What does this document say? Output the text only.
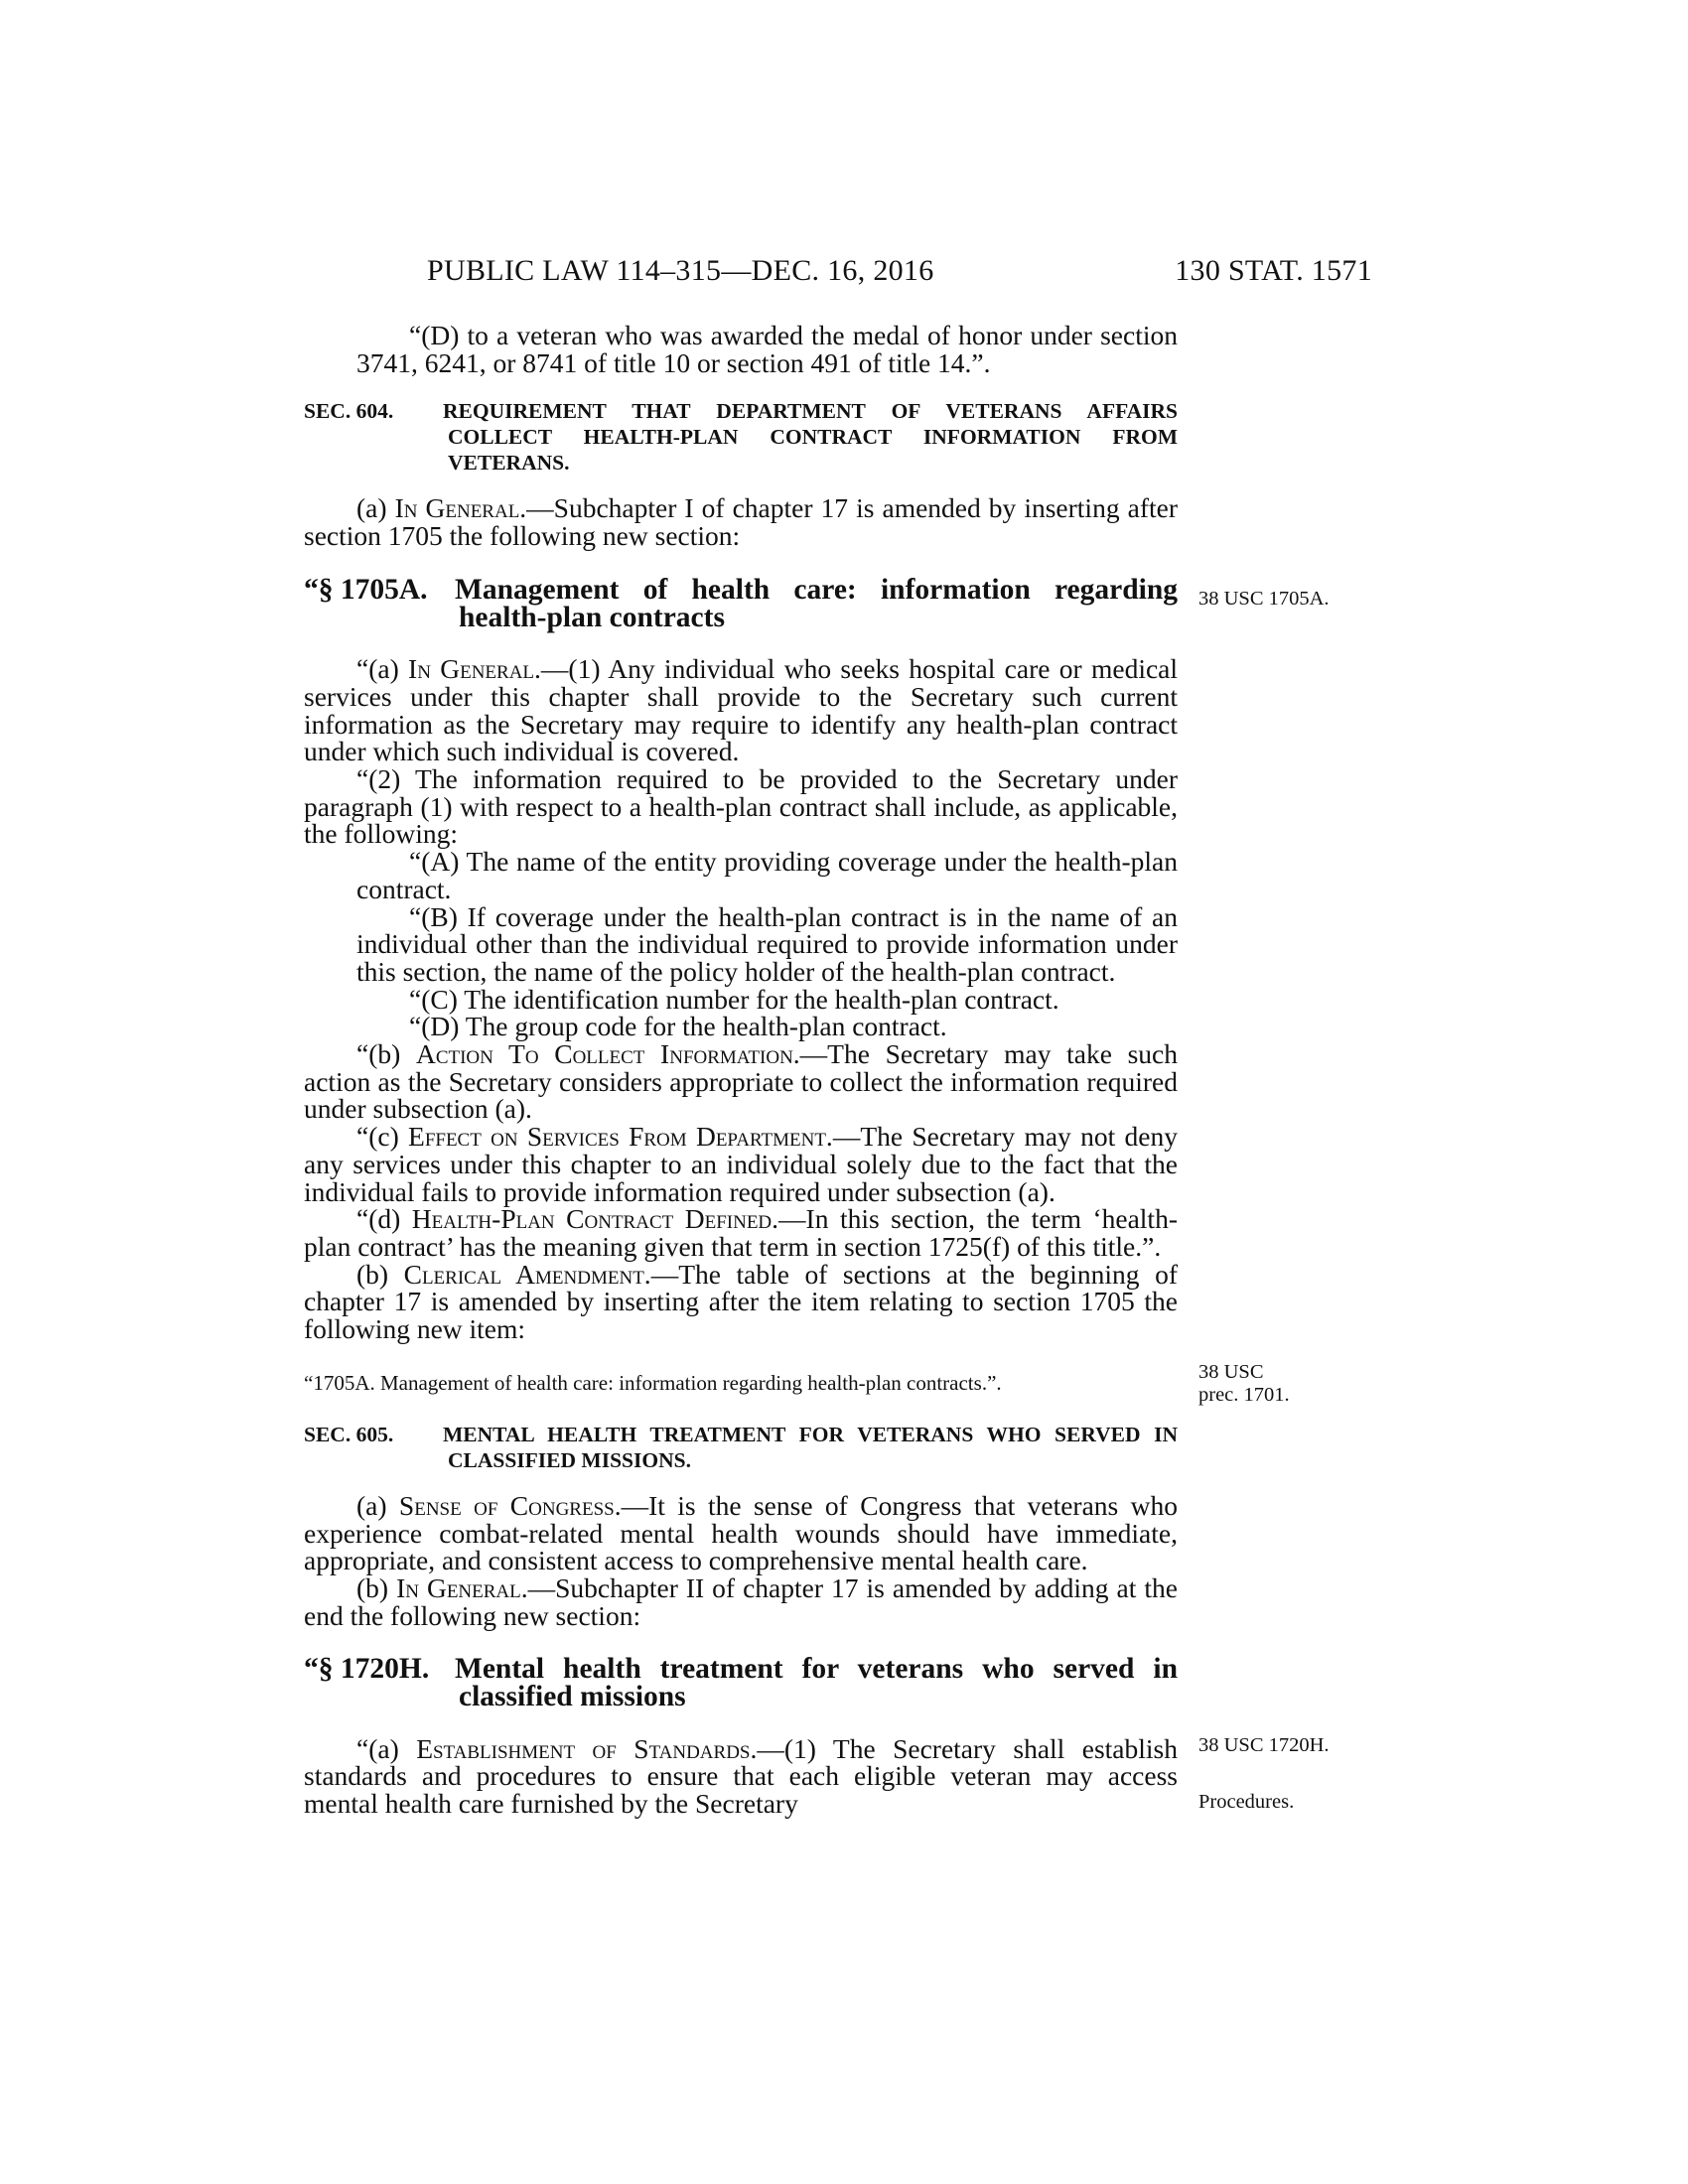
PUBLIC LAW 114–315—DEC. 16, 2016	130 STAT. 1571

“(D) to a veteran who was awarded the medal of honor under section 3741, 6241, or 8741 of title 10 or section 491 of title 14.”.

SEC. 604. REQUIREMENT THAT DEPARTMENT OF VETERANS AFFAIRS COLLECT HEALTH-PLAN CONTRACT INFORMATION FROM VETERANS.

(a) In General.—Subchapter I of chapter 17 is amended by inserting after section 1705 the following new section:

“§ 1705A. Management of health care: information regarding health-plan contracts

“(a) In General.—(1) Any individual who seeks hospital care or medical services under this chapter shall provide to the Secretary such current information as the Secretary may require to identify any health-plan contract under which such individual is covered.

“(2) The information required to be provided to the Secretary under paragraph (1) with respect to a health-plan contract shall include, as applicable, the following:

“(A) The name of the entity providing coverage under the health-plan contract.

“(B) If coverage under the health-plan contract is in the name of an individual other than the individual required to provide information under this section, the name of the policy holder of the health-plan contract.

“(C) The identification number for the health-plan contract.

“(D) The group code for the health-plan contract.

“(b) Action To Collect Information.—The Secretary may take such action as the Secretary considers appropriate to collect the information required under subsection (a).

“(c) Effect on Services From Department.—The Secretary may not deny any services under this chapter to an individual solely due to the fact that the individual fails to provide information required under subsection (a).

“(d) Health-Plan Contract Defined.—In this section, the term ‘health-plan contract’ has the meaning given that term in section 1725(f) of this title.”.

(b) Clerical Amendment.—The table of sections at the beginning of chapter 17 is amended by inserting after the item relating to section 1705 the following new item:

“1705A. Management of health care: information regarding health-plan contracts.”.
SEC. 605. MENTAL HEALTH TREATMENT FOR VETERANS WHO SERVED IN CLASSIFIED MISSIONS.

(a) Sense of Congress.—It is the sense of Congress that veterans who experience combat-related mental health wounds should have immediate, appropriate, and consistent access to comprehensive mental health care.

(b) In General.—Subchapter II of chapter 17 is amended by adding at the end the following new section:

“§ 1720H. Mental health treatment for veterans who served in classified missions

“(a) Establishment of Standards.—(1) The Secretary shall establish standards and procedures to ensure that each eligible veteran may access mental health care furnished by the Secretary

38 USC 1705A.
38 USC
prec. 1701.
38 USC 1720H.
Procedures.
